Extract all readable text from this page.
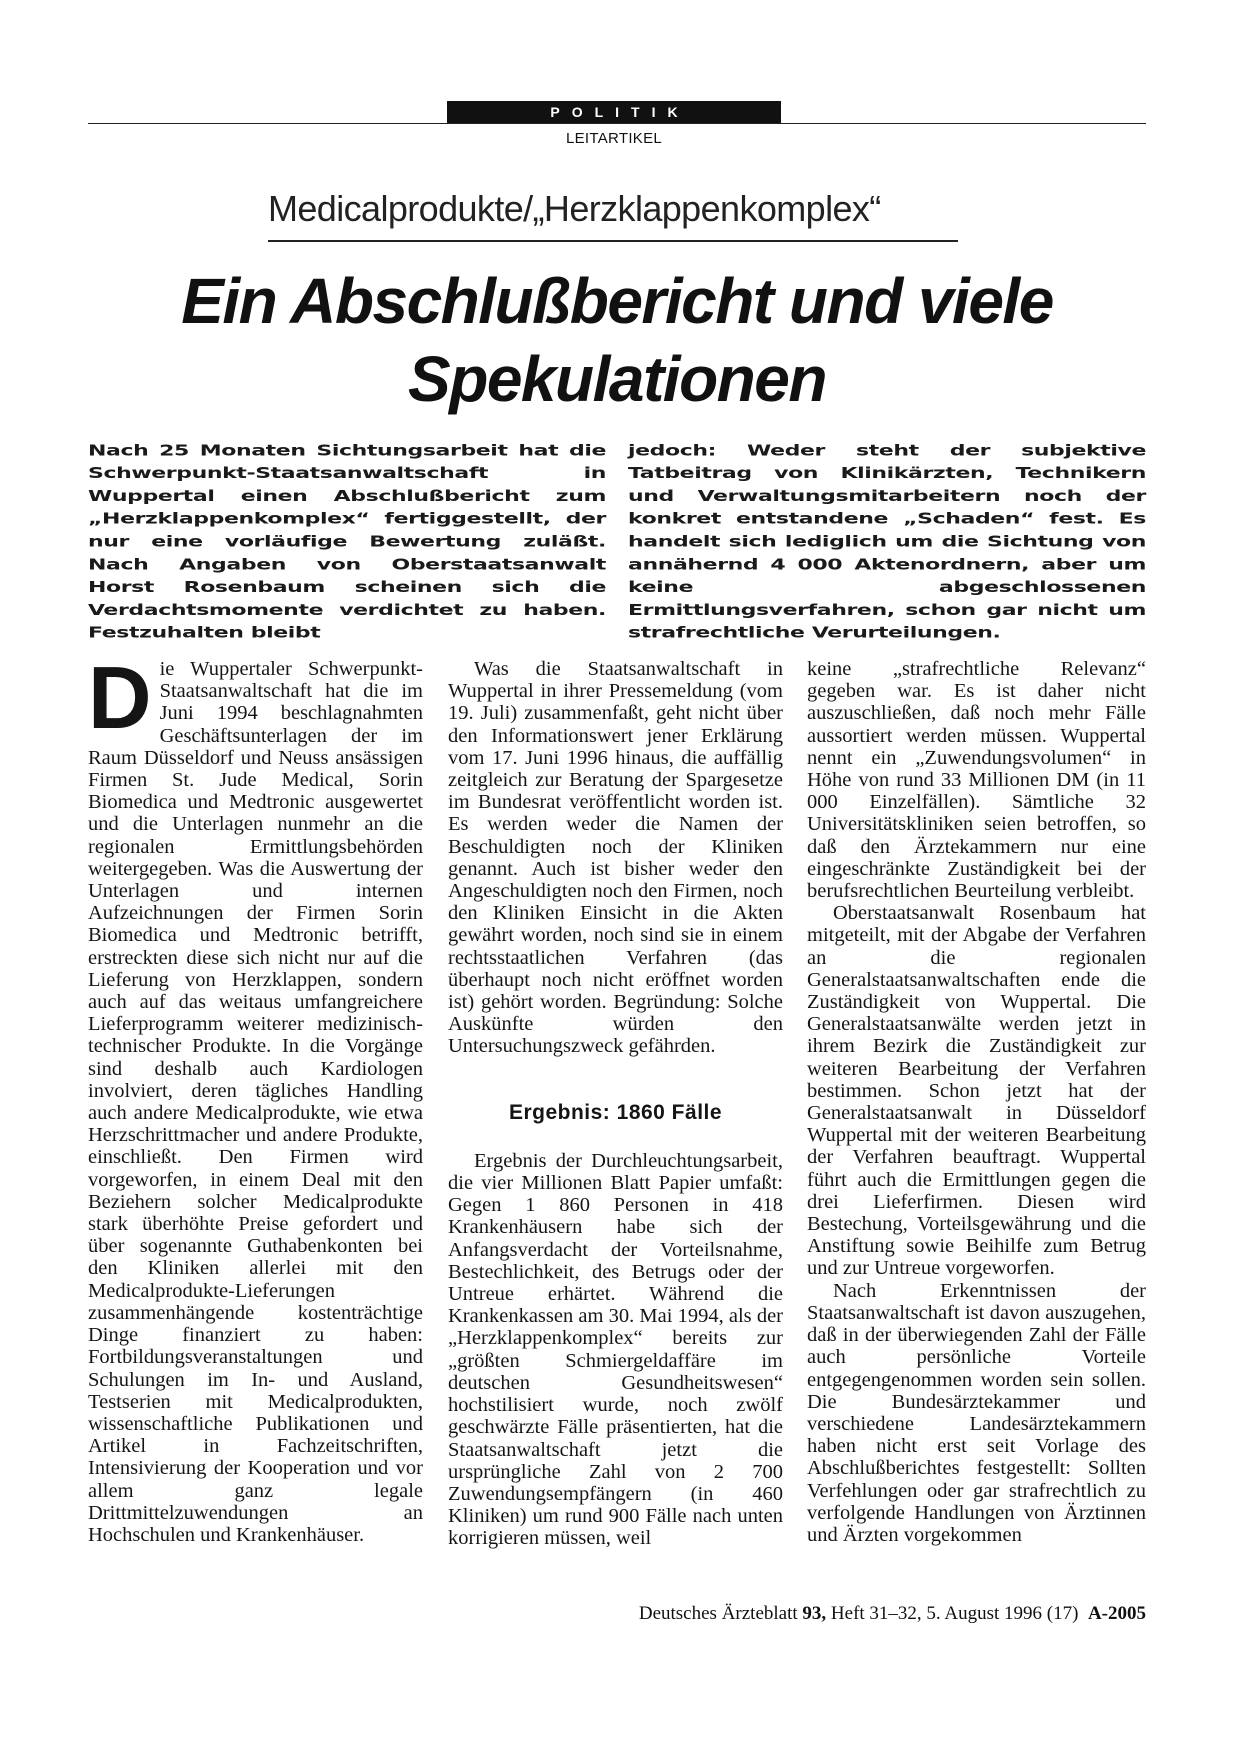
POLITIK
LEITARTIKEL
Medicalprodukte/„Herzklappenkomplex“
Ein Abschlußbericht und viele Spekulationen
Nach 25 Monaten Sichtungsarbeit hat die Schwerpunkt-Staatsanwaltschaft in Wuppertal einen Abschlußbericht zum „Herzklappenkomplex“ fertiggestellt, der nur eine vorläufige Bewertung zuläßt. Nach Angaben von Oberstaatsanwalt Horst Rosenbaum scheinen sich die Verdachtsmomente verdichtet zu haben. Festzuhalten bleibt
jedoch: Weder steht der subjektive Tatbeitrag von Klinikärzten, Technikern und Verwaltungsmitarbeitern noch der konkret entstandene „Schaden“ fest. Es handelt sich lediglich um die Sichtung von annähernd 4 000 Aktenordnern, aber um keine abgeschlossenen Ermittlungsverfahren, schon gar nicht um strafrechtliche Verurteilungen.

Die Wuppertaler Schwerpunkt-Staatsanwaltschaft hat die im Juni 1994 beschlagnahmten Geschäftsunterlagen der im Raum Düsseldorf und Neuss ansässigen Firmen St. Jude Medical, Sorin Biomedica und Medtronic ausgewertet und die Unterlagen nunmehr an die regionalen Ermittlungsbehörden weitergegeben. Was die Auswertung der Unterlagen und internen Aufzeichnungen der Firmen Sorin Biomedica und Medtronic betrifft, erstreckten diese sich nicht nur auf die Lieferung von Herzklappen, sondern auch auf das weitaus umfangreichere Lieferprogramm weiterer medizinisch-technischer Produkte. In die Vorgänge sind deshalb auch Kardiologen involviert, deren tägliches Handling auch andere Medicalprodukte, wie etwa Herzschrittmacher und andere Produkte, einschließt. Den Firmen wird vorgeworfen, in einem Deal mit den Beziehern solcher Medicalprodukte stark überhöhte Preise gefordert und über sogenannte Guthabenkonten bei den Kliniken allerlei mit den Medicalprodukte-Lieferungen zusammenhängende kostenträchtige Dinge finanziert zu haben: Fortbildungsveranstaltungen und Schulungen im In- und Ausland, Testserien mit Medicalprodukten, wissenschaftliche Publikationen und Artikel in Fachzeitschriften, Intensivierung der Kooperation und vor allem ganz legale Drittmittelzuwendungen an Hochschulen und Krankenhäuser.

Was die Staatsanwaltschaft in Wuppertal in ihrer Pressemeldung (vom 19. Juli) zusammenfaßt, geht nicht über den Informationswert jener Erklärung vom 17. Juni 1996 hinaus, die auffällig zeitgleich zur Beratung der Spargesetze im Bundesrat veröffentlicht worden ist. Es werden weder die Namen der Beschuldigten noch der Kliniken genannt. Auch ist bisher weder den Angeschuldigten noch den Firmen, noch den Kliniken Einsicht in die Akten gewährt worden, noch sind sie in einem rechtsstaatlichen Verfahren (das überhaupt noch nicht eröffnet worden ist) gehört worden. Begründung: Solche Auskünfte würden den Untersuchungszweck gefährden.

Ergebnis: 1860 Fälle

Ergebnis der Durchleuchtungsarbeit, die vier Millionen Blatt Papier umfaßt: Gegen 1 860 Personen in 418 Krankenhäusern habe sich der Anfangsverdacht der Vorteilsnahme, Bestechlichkeit, des Betrugs oder der Untreue erhärtet. Während die Krankenkassen am 30. Mai 1994, als der „Herzklappenkomplex“ bereits zur „größten Schmiergeldaffäre im deutschen Gesundheitswesen“ hochstilisiert wurde, noch zwölf geschwärzte Fälle präsentierten, hat die Staatsanwaltschaft jetzt die ursprüngliche Zahl von 2 700 Zuwendungsempfängern (in 460 Kliniken) um rund 900 Fälle nach unten korrigieren müssen, weil

keine „strafrechtliche Relevanz“ gegeben war. Es ist daher nicht auszuschließen, daß noch mehr Fälle aussortiert werden müssen. Wuppertal nennt ein „Zuwendungsvolumen“ in Höhe von rund 33 Millionen DM (in 11 000 Einzelfällen). Sämtliche 32 Universitätskliniken seien betroffen, so daß den Ärztekammern nur eine eingeschränkte Zuständigkeit bei der berufsrechtlichen Beurteilung verbleibt.

Oberstaatsanwalt Rosenbaum hat mitgeteilt, mit der Abgabe der Verfahren an die regionalen Generalstaatsanwaltschaften ende die Zuständigkeit von Wuppertal. Die Generalstaatsanwälte werden jetzt in ihrem Bezirk die Zuständigkeit zur weiteren Bearbeitung der Verfahren bestimmen. Schon jetzt hat der Generalstaatsanwalt in Düsseldorf Wuppertal mit der weiteren Bearbeitung der Verfahren beauftragt. Wuppertal führt auch die Ermittlungen gegen die drei Lieferfirmen. Diesen wird Bestechung, Vorteilsgewährung und die Anstiftung sowie Beihilfe zum Betrug und zur Untreue vorgeworfen.

Nach Erkenntnissen der Staatsanwaltschaft ist davon auszugehen, daß in der überwiegenden Zahl der Fälle auch persönliche Vorteile entgegengenommen worden sein sollen. Die Bundesärztekammer und verschiedene Landesärztekammern haben nicht erst seit Vorlage des Abschlußberichtes festgestellt: Sollten Verfehlungen oder gar strafrechtlich zu verfolgende Handlungen von Ärztinnen und Ärzten vorgekommen

Deutsches Ärzteblatt 93, Heft 31–32, 5. August 1996 (17) A-2005
